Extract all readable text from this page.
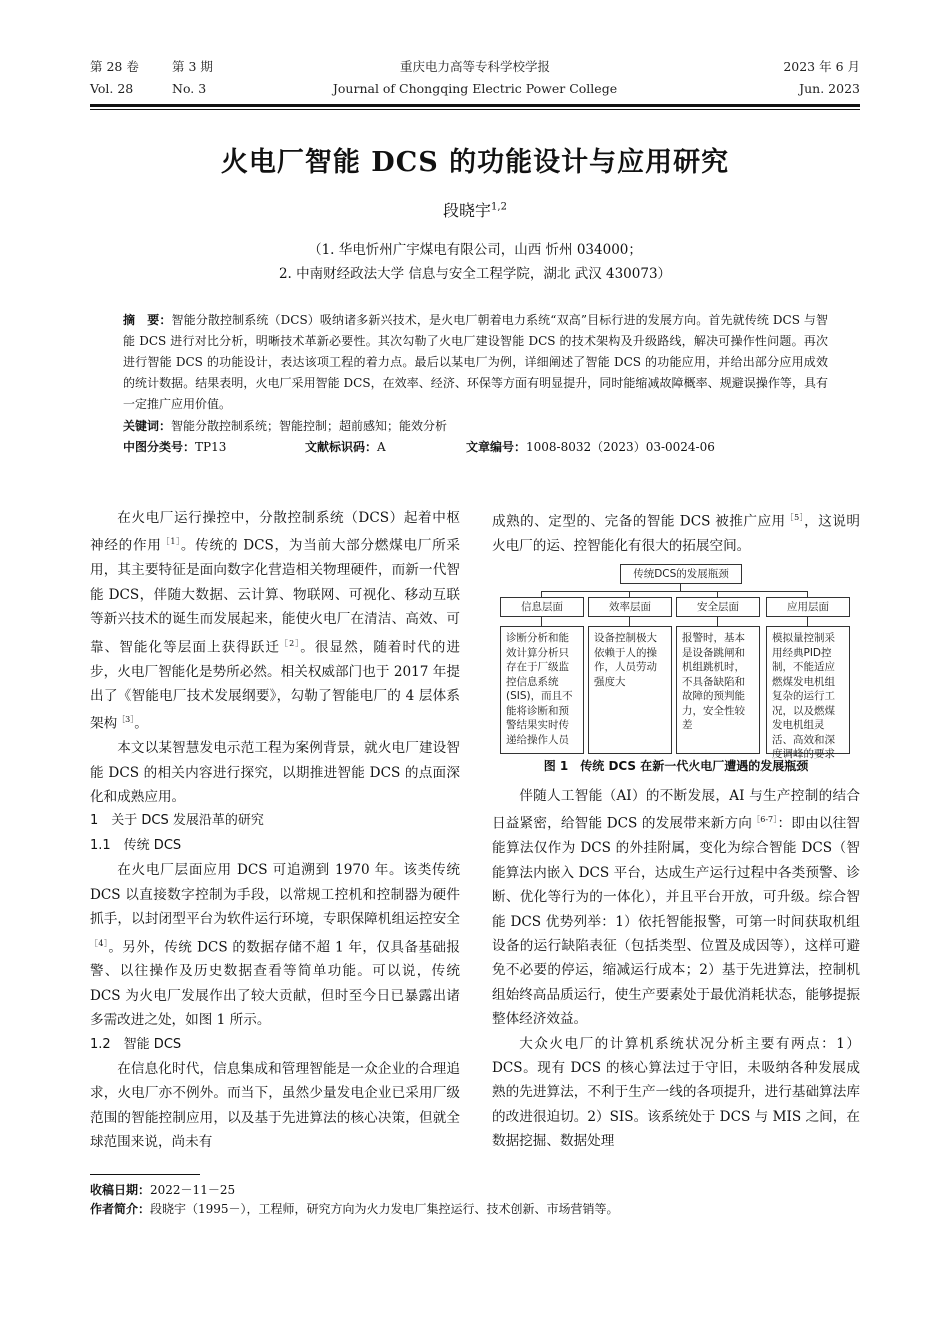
第 28 卷	第 3 期	重庆电力高等专科学校学报	2023 年 6 月
Vol. 28	No. 3	Journal of Chongqing Electric Power College	Jun. 2023
火电厂智能 DCS 的功能设计与应用研究
段晓宇$^{1,2}$
（1. 华电忻州广宇煤电有限公司，山西 忻州 034000；
2. 中南财经政法大学 信息与安全工程学院，湖北 武汉 430073）
摘　要：智能分散控制系统（DCS）吸纳诸多新兴技术，是火电厂朝着电力系统“双高”目标行进的发展方向。首先就传统 DCS 与智能 DCS 进行对比分析，明晰技术革新必要性。其次勾勒了火电厂建设智能 DCS 的技术架构及升级路线，解决可操作性问题。再次进行智能 DCS 的功能设计，表达该项工程的着力点。最后以某电厂为例，详细阐述了智能 DCS 的功能应用，并给出部分应用成效的统计数据。结果表明，火电厂采用智能 DCS，在效率、经济、环保等方面有明显提升，同时能缩减故障概率、规避误操作等，具有一定推广应用价值。
关键词：智能分散控制系统；智能控制；超前感知；能效分析
中图分类号：TP13	文献标识码：A	文章编号：1008-8032（2023）03-0024-06

在火电厂运行操控中，分散控制系统（DCS）起着中枢神经的作用$^{[1]}$。传统的 DCS，为当前大部分燃煤电厂所采用，其主要特征是面向数字化营造相关物理硬件，而新一代智能 DCS，伴随大数据、云计算、物联网、可视化、移动互联等新兴技术的诞生而发展起来，能使火电厂在清洁、高效、可靠、智能化等层面上获得跃迁$^{[2]}$。很显然，随着时代的进步，火电厂智能化是势所必然。相关权威部门也于 2017 年提出了《智能电厂技术发展纲要》，勾勒了智能电厂的 4 层体系架构$^{[3]}$。

本文以某智慧发电示范工程为案例背景，就火电厂建设智能 DCS 的相关内容进行探究，以期推进智能 DCS 的点面深化和成熟应用。

1　关于 DCS 发展沿革的研究

1.1　传统 DCS

在火电厂层面应用 DCS 可追溯到 1970 年。该类传统 DCS 以直接数字控制为手段，以常规工控机和控制器为硬件抓手，以封闭型平台为软件运行环境，专职保障机组运控安全$^{[4]}$。另外，传统 DCS 的数据存储不超 1 年，仅具备基础报警、以往操作及历史数据查看等简单功能。可以说，传统 DCS 为火电厂发展作出了较大贡献，但时至今日已暴露出诸多需改进之处，如图 1 所示。

1.2　智能 DCS

在信息化时代，信息集成和管理智能是一众企业的合理追求，火电厂亦不例外。而当下，虽然少量发电企业已采用厂级范围的智能控制应用，以及基于先进算法的核心决策，但就全球范围来说，尚未有

成熟的、定型的、完备的智能 DCS 被推广应用$^{[5]}$，这说明火电厂的运、控智能化有很大的拓展空间。

传统DCS的发展瓶颈
信息层面	效率层面	安全层面	应用层面
诊断分析和能效计算分析只存在于厂级监控信息系统(SIS)，而且不能将诊断和预警结果实时传递给操作人员
设备控制极大依赖于人的操作，人员劳动强度大
报警时，基本是设备跳闸和机组跳机时，不具备缺陷和故障的预判能力，安全性较差
模拟量控制采用经典PID控制，不能适应燃煤发电机组复杂的运行工况，以及燃煤发电机组灵活、高效和深度调峰的要求
图 1　传统 DCS 在新一代火电厂遭遇的发展瓶颈

伴随人工智能（AI）的不断发展，AI 与生产控制的结合日益紧密，给智能 DCS 的发展带来新方向$^{[6-7]}$：即由以往智能算法仅作为 DCS 的外挂附属，变化为综合智能 DCS（智能算法内嵌入 DCS 平台，达成生产运行过程中各类预警、诊断、优化等行为的一体化），并且平台开放，可升级。综合智能 DCS 优势列举：1）依托智能报警，可第一时间获取机组设备的运行缺陷表征（包括类型、位置及成因等），这样可避免不必要的停运，缩减运行成本；2）基于先进算法，控制机组始终高品质运行，使生产要素处于最优消耗状态，能够提振整体经济效益。

大众火电厂的计算机系统状况分析主要有两点：1）DCS。现有 DCS 的核心算法过于守旧，未吸纳各种发展成熟的先进算法，不利于生产一线的各项提升，进行基础算法库的改进很迫切。2）SIS。该系统处于 DCS 与 MIS 之间，在数据挖掘、数据处理

收稿日期：2022－11－25
作者简介：段晓宇（1995－），工程师，研究方向为火力发电厂集控运行、技术创新、市场营销等。
